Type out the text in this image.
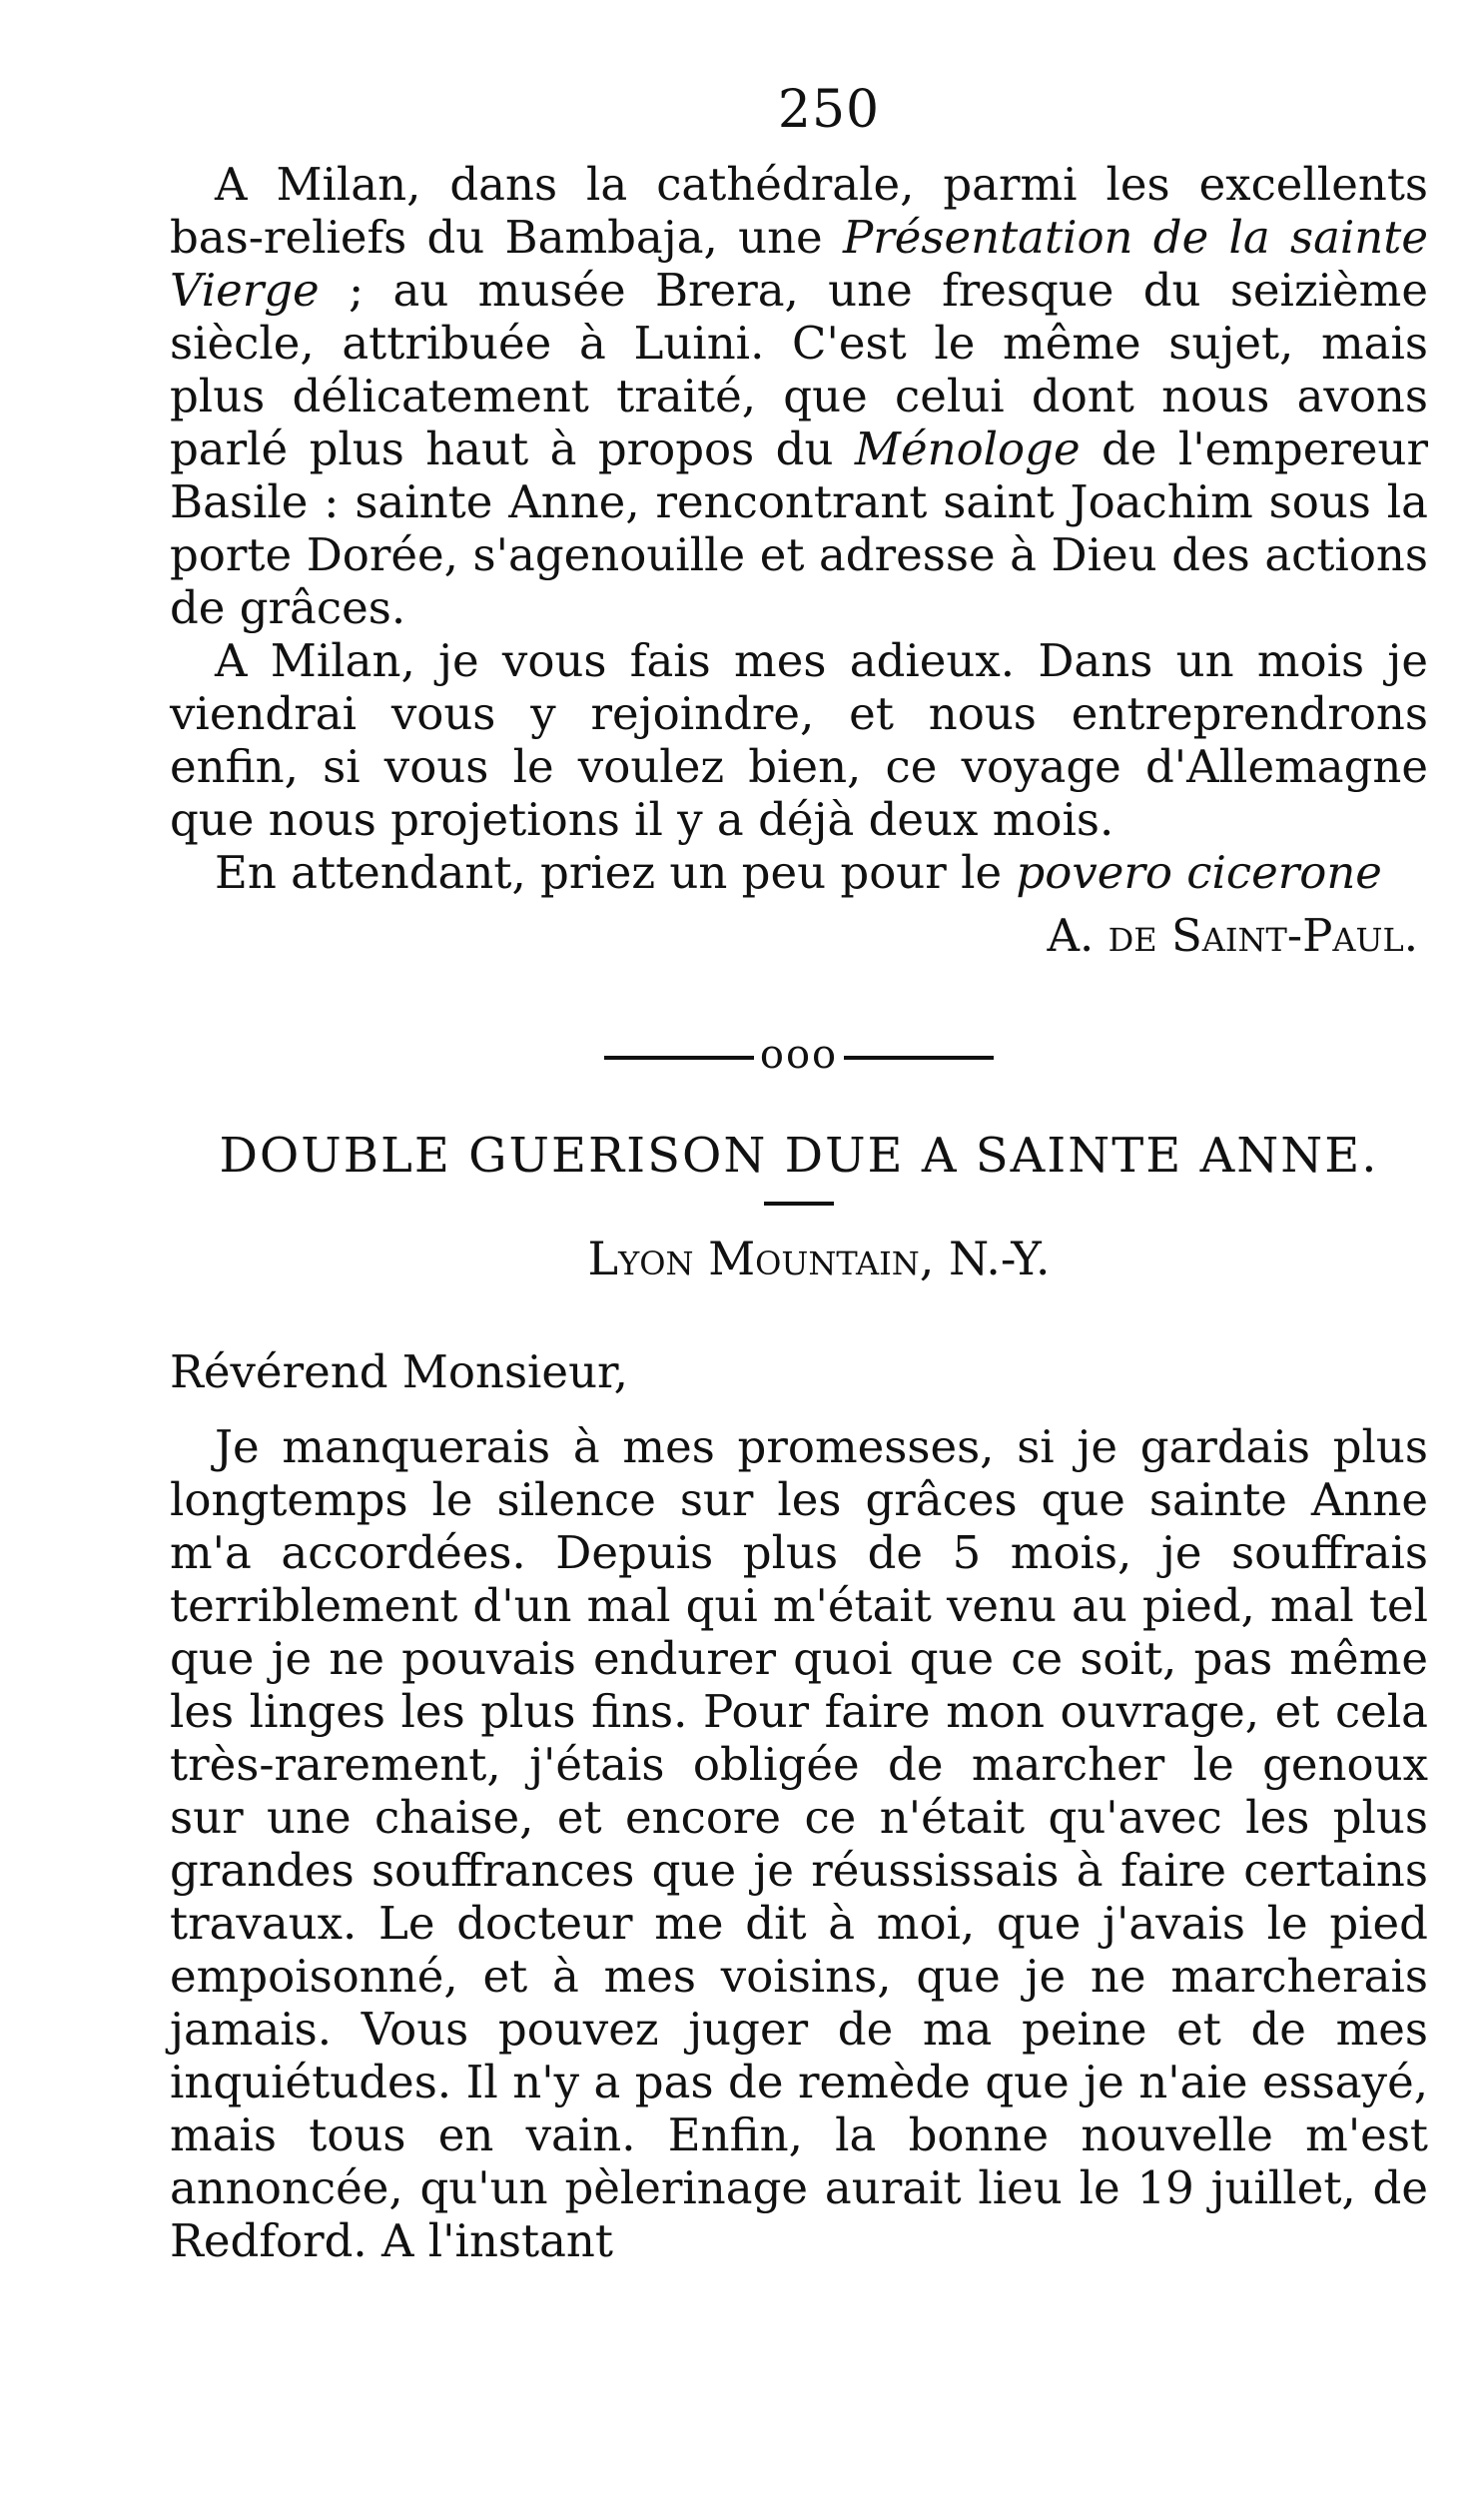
250

A Milan, dans la cathédrale, parmi les excellents bas-reliefs du Bambaja, une Présentation de la sainte Vierge ; au musée Brera, une fresque du seizième siècle, attribuée à Luini. C'est le même sujet, mais plus délicatement traité, que celui dont nous avons parlé plus haut à propos du Ménologe de l'empereur Basile : sainte Anne, rencontrant saint Joachim sous la porte Dorée, s'agenouille et adresse à Dieu des actions de grâces.

A Milan, je vous fais mes adieux. Dans un mois je viendrai vous y rejoindre, et nous entreprendrons enfin, si vous le voulez bien, ce voyage d'Allemagne que nous projetions il y a déjà deux mois.

En attendant, priez un peu pour le povero cicerone

A. de Saint-Paul.
ooo
DOUBLE GUERISON DUE A SAINTE ANNE.
Lyon Mountain, N.-Y.
Révérend Monsieur,

Je manquerais à mes promesses, si je gardais plus longtemps le silence sur les grâces que sainte Anne m'a accordées. Depuis plus de 5 mois, je souffrais terriblement d'un mal qui m'était venu au pied, mal tel que je ne pouvais endurer quoi que ce soit, pas même les linges les plus fins. Pour faire mon ouvrage, et cela très-rarement, j'étais obligée de marcher le genoux sur une chaise, et encore ce n'était qu'avec les plus grandes souffrances que je réussissais à faire certains travaux. Le docteur me dit à moi, que j'avais le pied empoisonné, et à mes voisins, que je ne marcherais jamais. Vous pouvez juger de ma peine et de mes inquiétudes. Il n'y a pas de remède que je n'aie essayé, mais tous en vain. Enfin, la bonne nouvelle m'est annoncée, qu'un pèlerinage aurait lieu le 19 juillet, de Redford. A l'instant
